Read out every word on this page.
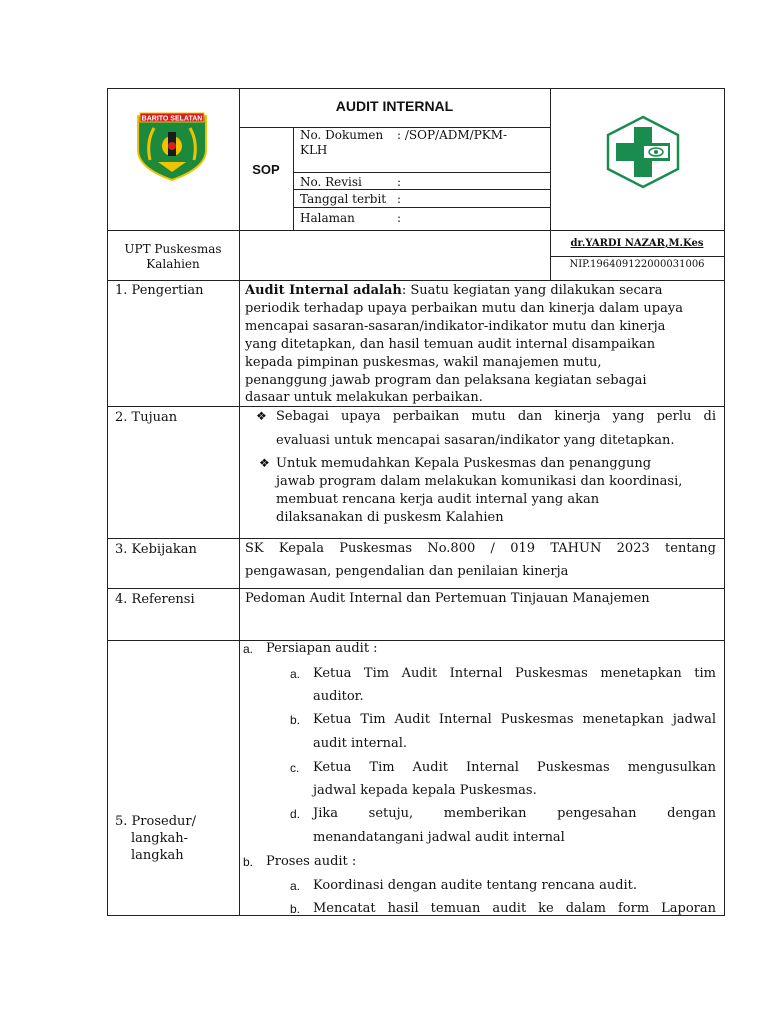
BARITO SELATAN
AUDIT INTERNAL
SOP
No. Dokumen : /SOP/ADM/PKM-
KLH
No. Revisi	:
Tanggal terbit :
Halaman	:
UPT Puskesmas
Kalahien
dr.YARDI NAZAR,M.Kes
NIP.196409122000031006
1. Pengertian	Audit Internal adalah: Suatu kegiatan yang dilakukan secara
periodik terhadap upaya perbaikan mutu dan kinerja dalam upaya
mencapai sasaran-sasaran/indikator-indikator mutu dan kinerja
yang ditetapkan, dan hasil temuan audit internal disampaikan
kepada pimpinan puskesmas, wakil manajemen mutu,
penanggung jawab program dan pelaksana kegiatan sebagai
dasaar untuk melakukan perbaikan.
2. Tujuan	❖ Sebagai upaya perbaikan mutu dan kinerja yang perlu di
evaluasi untuk mencapai sasaran/indikator yang ditetapkan.
❖ Untuk memudahkan Kepala Puskesmas dan penanggung
jawab program dalam melakukan komunikasi dan koordinasi,
membuat rencana kerja audit internal yang akan
dilaksanakan di puskesm Kalahien
3. Kebijakan	SK Kepala Puskesmas No.800 / 019 TAHUN 2023 tentang
pengawasan, pengendalian dan penilaian kinerja
4. Referensi	Pedoman Audit Internal dan Pertemuan Tinjauan Manajemen
5. Prosedur/
langkah-
langkah
a. Persiapan audit :
a. Ketua Tim Audit Internal Puskesmas menetapkan tim
auditor.
b. Ketua Tim Audit Internal Puskesmas menetapkan jadwal
audit internal.
c. Ketua Tim Audit Internal Puskesmas mengusulkan
jadwal kepada kepala Puskesmas.
d. Jika setuju, memberikan pengesahan dengan
menandatangani jadwal audit internal
b. Proses audit :
a. Koordinasi dengan audite tentang rencana audit.
b. Mencatat hasil temuan audit ke dalam form Laporan
